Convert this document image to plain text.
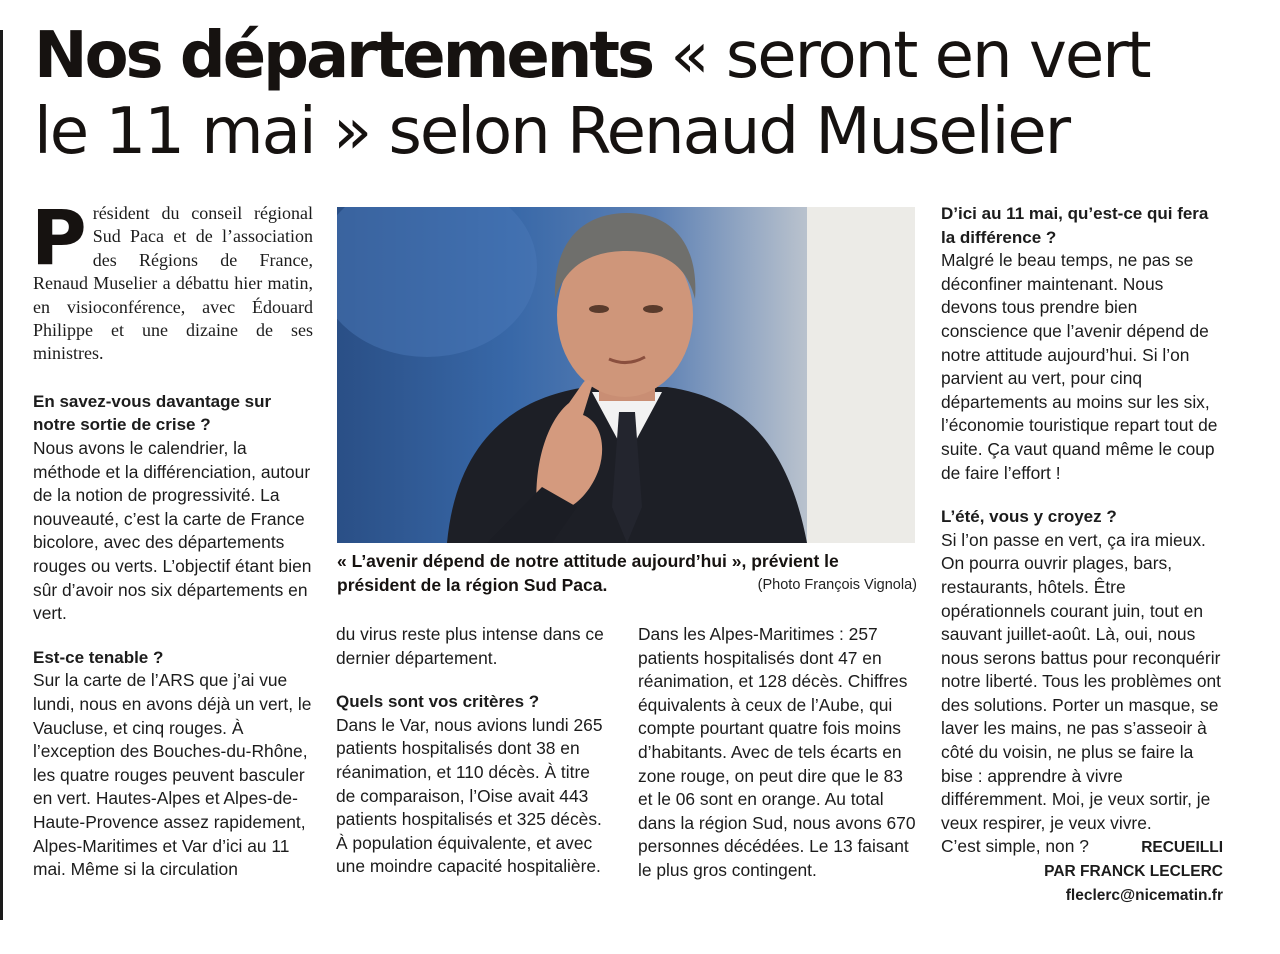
Nos départements « seront en vert
le 11 mai » selon Renaud Muselier
Président du conseil régional Sud Paca et de l’association des Régions de France, Renaud Muselier a débattu hier matin, en visioconférence, avec Édouard Philippe et une dizaine de ses ministres.

En savez-vous davantage sur notre sortie de crise ?

Nous avons le calendrier, la méthode et la différenciation, autour de la notion de progressivité. La nouveauté, c’est la carte de France bicolore, avec des départements rouges ou verts. L’objectif étant bien sûr d’avoir nos six départements en vert.

Est-ce tenable ?

Sur la carte de l’ARS que j’ai vue lundi, nous en avons déjà un vert, le Vaucluse, et cinq rouges. À l’exception des Bouches-du-Rhône, les quatre rouges peuvent basculer en vert. Hautes-Alpes et Alpes-de-Haute-Provence assez rapidement, Alpes-Maritimes et Var d’ici au 11 mai. Même si la circulation

« L’avenir dépend de notre attitude aujourd’hui », prévient le président de la région Sud Paca.	(Photo François Vignola)

du virus reste plus intense dans ce dernier département.

Quels sont vos critères ?

Dans le Var, nous avions lundi 265 patients hospitalisés dont 38 en réanimation, et 110 décès. À titre de comparaison, l’Oise avait 443 patients hospitalisés et 325 décès. À population équivalente, et avec une moindre capacité hospitalière.

Dans les Alpes-Maritimes : 257 patients hospitalisés dont 47 en réanimation, et 128 décès. Chiffres équivalents à ceux de l’Aube, qui compte pourtant quatre fois moins d’habitants. Avec de tels écarts en zone rouge, on peut dire que le 83 et le 06 sont en orange. Au total dans la région Sud, nous avons 670 personnes décédées. Le 13 faisant le plus gros contingent.

D’ici au 11 mai, qu’est-ce qui fera la différence ?

Malgré le beau temps, ne pas se déconfiner maintenant. Nous devons tous prendre bien conscience que l’avenir dépend de notre attitude aujourd’hui. Si l’on parvient au vert, pour cinq départements au moins sur les six, l’économie touristique repart tout de suite. Ça vaut quand même le coup de faire l’effort !

L’été, vous y croyez ?

Si l’on passe en vert, ça ira mieux. On pourra ouvrir plages, bars, restaurants, hôtels. Être opérationnels courant juin, tout en sauvant juillet-août. Là, oui, nous nous serons battus pour reconquérir notre liberté. Tous les problèmes ont des solutions. Porter un masque, se laver les mains, ne pas s’asseoir à côté du voisin, ne plus se faire la bise : apprendre à vivre différemment. Moi, je veux sortir, je veux respirer, je veux vivre.

C’est simple, non ?	RECUEILLI
PAR FRANCK LECLERC
fleclerc@nicematin.fr
